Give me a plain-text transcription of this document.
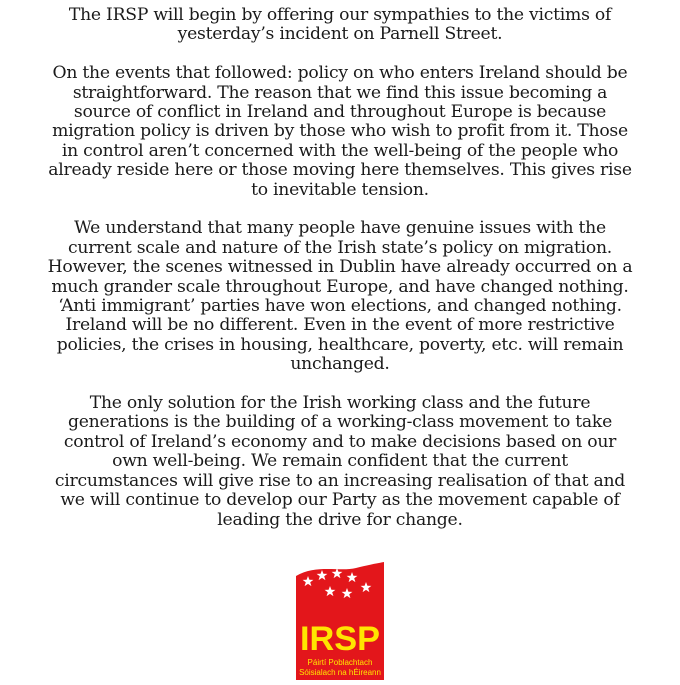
The IRSP will begin by offering our sympathies to the victims of
yesterday’s incident on Parnell Street.

On the events that followed: policy on who enters Ireland should be
straightforward. The reason that we find this issue becoming a
source of conflict in Ireland and throughout Europe is because
migration policy is driven by those who wish to profit from it. Those
in control aren’t concerned with the well-being of the people who
already reside here or those moving here themselves. This gives rise
to inevitable tension.

We understand that many people have genuine issues with the
current scale and nature of the Irish state’s policy on migration.
However, the scenes witnessed in Dublin have already occurred on a
much grander scale throughout Europe, and have changed nothing.
‘Anti immigrant’ parties have won elections, and changed nothing.
Ireland will be no different. Even in the event of more restrictive
policies, the crises in housing, healthcare, poverty, etc. will remain
unchanged.

The only solution for the Irish working class and the future
generations is the building of a working-class movement to take
control of Ireland’s economy and to make decisions based on our
own well-being. We remain confident that the current
circumstances will give rise to an increasing realisation of that and
we will continue to develop our Party as the movement capable of
leading the drive for change.

IRSP
Páirtí Poblachtach
Sóisialach na hÉireann
